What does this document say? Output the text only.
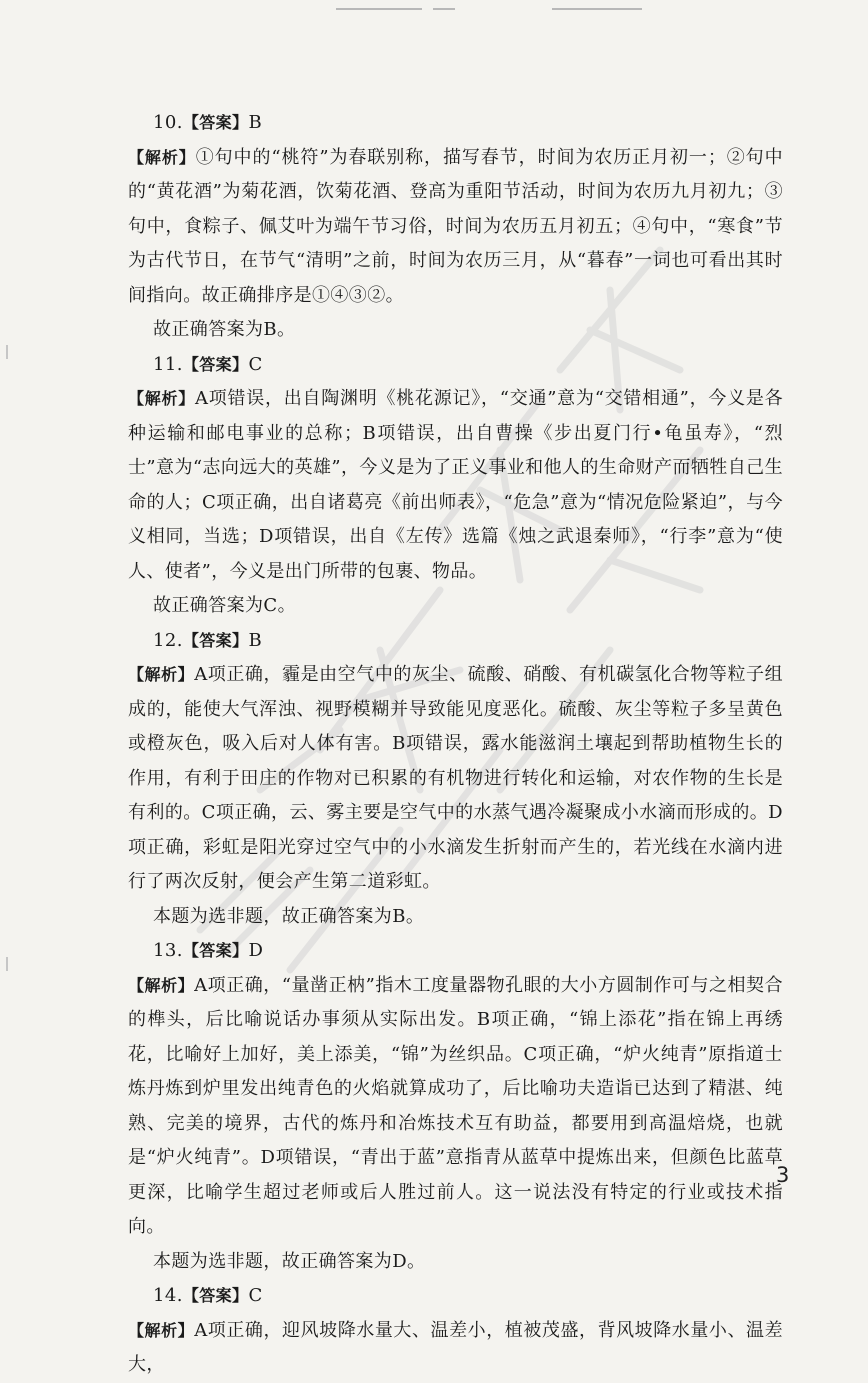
10.【答案】B

【解析】①句中的“桃符”为春联别称，描写春节，时间为农历正月初一；②句中的“黄花酒”为菊花酒，饮菊花酒、登高为重阳节活动，时间为农历九月初九；③句中，食粽子、佩艾叶为端午节习俗，时间为农历五月初五；④句中，“寒食”节为古代节日，在节气“清明”之前，时间为农历三月，从“暮春”一词也可看出其时间指向。故正确排序是①④③②。

故正确答案为B。

11.【答案】C

【解析】A项错误，出自陶渊明《桃花源记》，“交通”意为“交错相通”，今义是各种运输和邮电事业的总称；B项错误，出自曹操《步出夏门行•龟虽寿》，“烈士”意为“志向远大的英雄”，今义是为了正义事业和他人的生命财产而牺牲自己生命的人；C项正确，出自诸葛亮《前出师表》，“危急”意为“情况危险紧迫”，与今义相同，当选；D项错误，出自《左传》选篇《烛之武退秦师》，“行李”意为“使人、使者”，今义是出门所带的包裹、物品。

故正确答案为C。

12.【答案】B

【解析】A项正确，霾是由空气中的灰尘、硫酸、硝酸、有机碳氢化合物等粒子组成的，能使大气浑浊、视野模糊并导致能见度恶化。硫酸、灰尘等粒子多呈黄色或橙灰色，吸入后对人体有害。B项错误，露水能滋润土壤起到帮助植物生长的作用，有利于田庄的作物对已积累的有机物进行转化和运输，对农作物的生长是有利的。C项正确，云、雾主要是空气中的水蒸气遇冷凝聚成小水滴而形成的。D项正确，彩虹是阳光穿过空气中的小水滴发生折射而产生的，若光线在水滴内进行了两次反射，便会产生第二道彩虹。

本题为选非题，故正确答案为B。

13.【答案】D

【解析】A项正确，“量凿正枘”指木工度量器物孔眼的大小方圆制作可与之相契合的榫头，后比喻说话办事须从实际出发。B项正确，“锦上添花”指在锦上再绣花，比喻好上加好，美上添美，“锦”为丝织品。C项正确，“炉火纯青”原指道士炼丹炼到炉里发出纯青色的火焰就算成功了，后比喻功夫造诣已达到了精湛、纯熟、完美的境界，古代的炼丹和冶炼技术互有助益，都要用到高温焙烧，也就是“炉火纯青”。D项错误，“青出于蓝”意指青从蓝草中提炼出来，但颜色比蓝草更深，比喻学生超过老师或后人胜过前人。这一说法没有特定的行业或技术指向。

本题为选非题，故正确答案为D。

14.【答案】C

【解析】A项正确，迎风坡降水量大、温差小，植被茂盛，背风坡降水量小、温差大，

3
